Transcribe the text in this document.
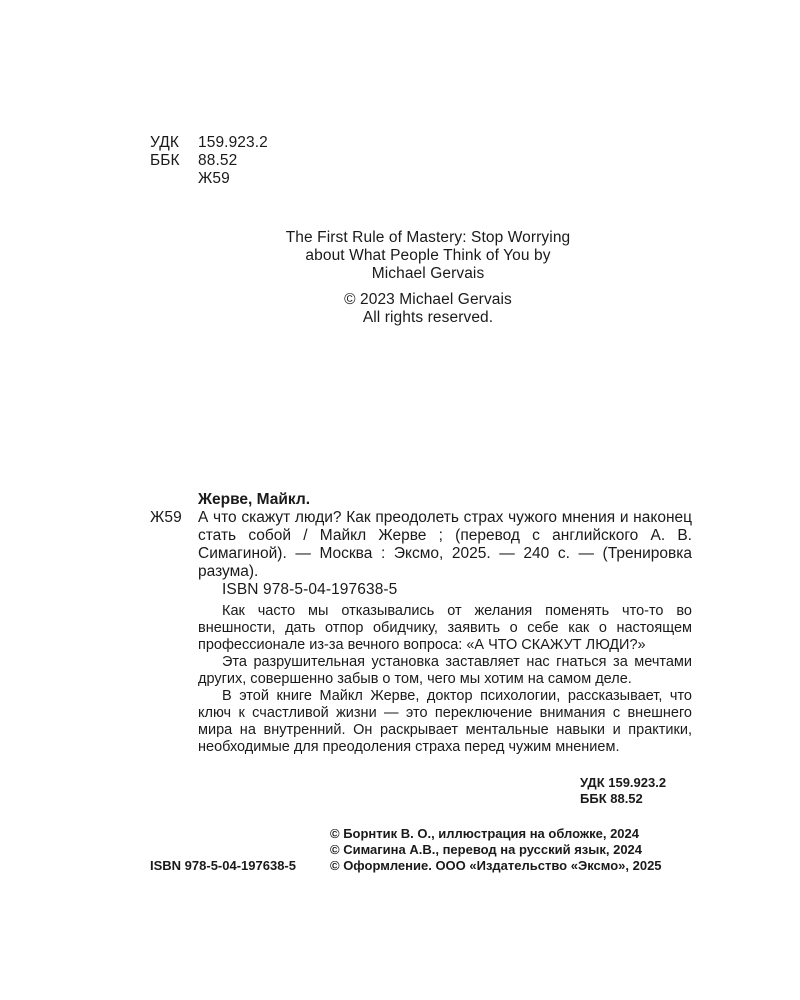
УДК	159.923.2
ББК	88.52
Ж59
The First Rule of Mastery: Stop Worrying
about What People Think of You by
Michael Gervais
© 2023 Michael Gervais
All rights reserved.
Жерве, Майкл.
Ж59 А что скажут люди? Как преодолеть страх чужого мнения и наконец стать собой / Майкл Жерве ; (перевод с английского А. В. Симагиной). — Москва : Эксмо, 2025. — 240 с. — (Тренировка разума).
ISBN 978-5-04-197638-5

Как часто мы отказывались от желания поменять что-то во внешности, дать отпор обидчику, заявить о себе как о настоящем профессионале из-за вечного вопроса: «А ЧТО СКАЖУТ ЛЮДИ?»

Эта разрушительная установка заставляет нас гнаться за мечтами других, совершенно забыв о том, чего мы хотим на самом деле.

В этой книге Майкл Жерве, доктор психологии, рассказывает, что ключ к счастливой жизни — это переключение внимания с внешнего мира на внутренний. Он раскрывает ментальные навыки и практики, необходимые для преодоления страха перед чужим мнением.

УДК 159.923.2
ББК 88.52
© Борнтик В. О., иллюстрация на обложке, 2024
© Симагина А.В., перевод на русский язык, 2024
© Оформление. ООО «Издательство «Эксмо», 2025
ISBN 978-5-04-197638-5
